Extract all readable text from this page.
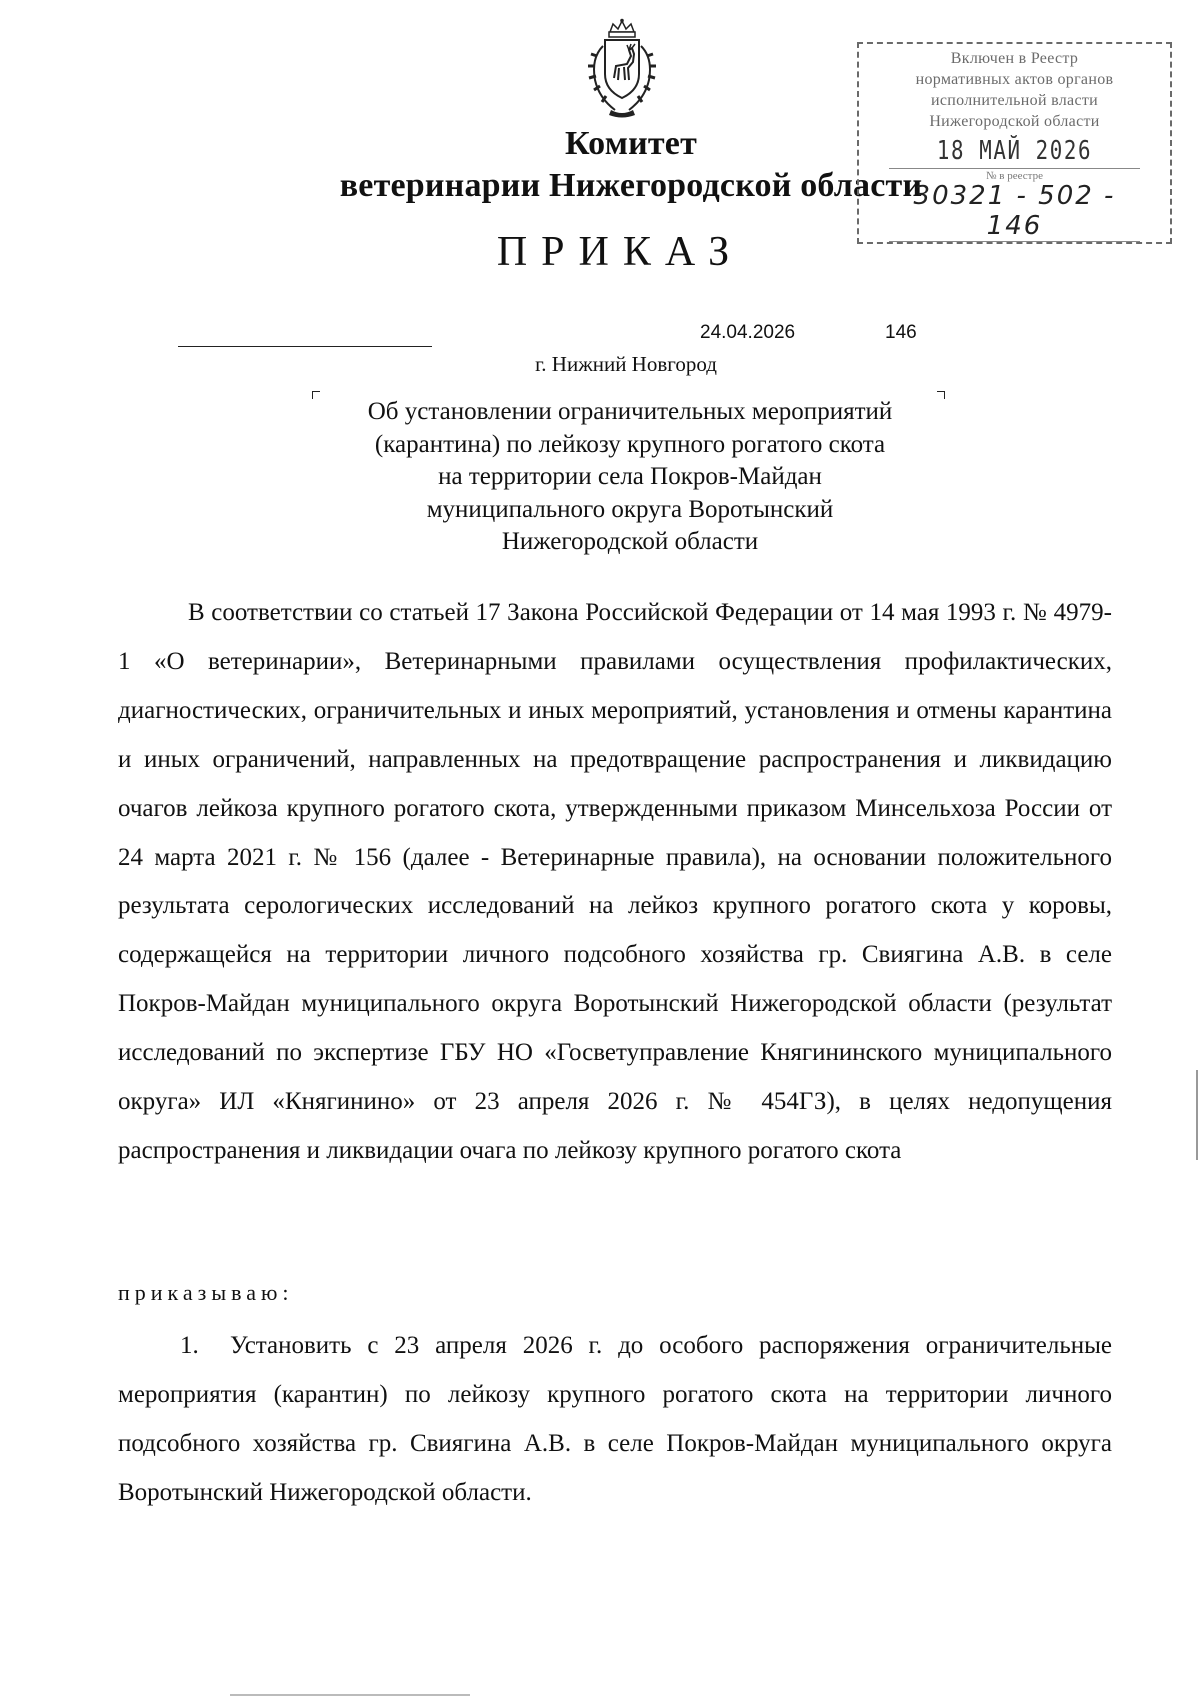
Комитет
ветеринарии Нижегородской области
ПРИКАЗ
Включен в Реестр
нормативных актов органов
исполнительной власти
Нижегородской области
18 МАЙ 2026
№ в реестре
30321 - 502 - 146
24.04.2026	146
г. Нижний Новгород
Об установлении ограничительных мероприятий
(карантина) по лейкозу крупного рогатого скота
на территории села Покров-Майдан
муниципального округа Воротынский
Нижегородской области

В соответствии со статьей 17 Закона Российской Федерации от 14 мая 1993 г. № 4979-1 «О ветеринарии», Ветеринарными правилами осуществления профилактических, диагностических, ограничительных и иных мероприятий, установления и отмены карантина и иных ограничений, направленных на предотвращение распространения и ликвидацию очагов лейкоза крупного рогатого скота, утвержденными приказом Минсельхоза России от 24 марта 2021 г. № 156 (далее - Ветеринарные правила), на основании положительного результата серологических исследований на лейкоз крупного рогатого скота у коровы, содержащейся на территории личного подсобного хозяйства гр. Свиягина А.В. в селе Покров-Майдан муниципального округа Воротынский Нижегородской области (результат исследований по экспертизе ГБУ НО «Госветуправление Княгининского муниципального округа» ИЛ «Княгинино» от 23 апреля 2026 г. № 454ГЗ), в целях недопущения распространения и ликвидации очага по лейкозу крупного рогатого скота

приказываю:

1. Установить с 23 апреля 2026 г. до особого распоряжения ограничительные мероприятия (карантин) по лейкозу крупного рогатого скота на территории личного подсобного хозяйства гр. Свиягина А.В. в селе Покров-Майдан муниципального округа Воротынский Нижегородской области.
